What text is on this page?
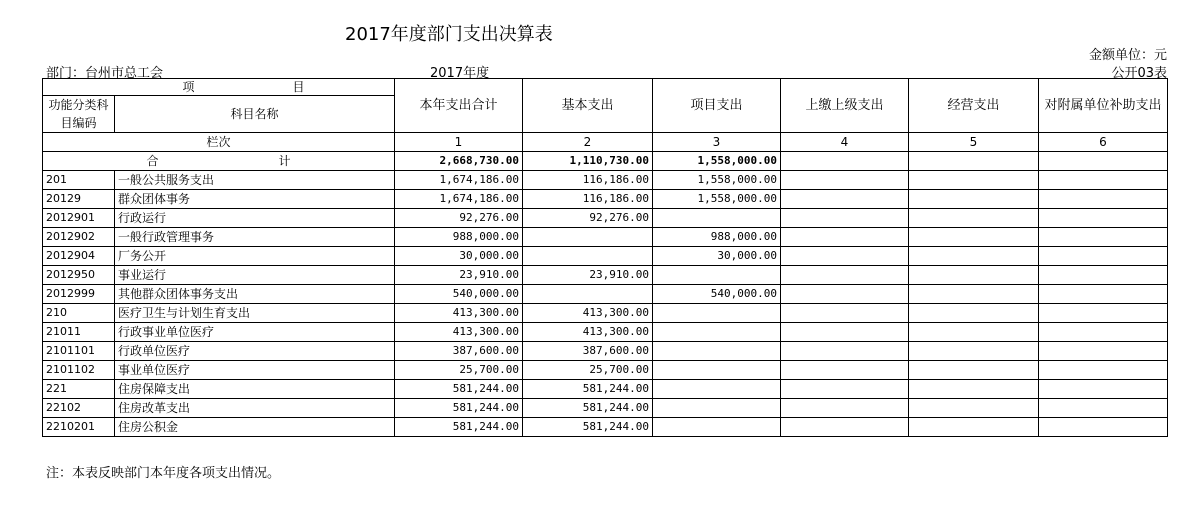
2017年度部门支出决算表
金额单位：元
部门：台州市总工会	2017年度	公开03表
项 目		本年支出合计	基本支出	项目支出	上缴上级支出	经营支出	对附属单位补助支出
功能分类科目编码	科目名称						
栏次		1	2	3	4	5	6
合 计		2,668,730.00	1,110,730.00	1,558,000.00			
201	一般公共服务支出	1,674,186.00	116,186.00	1,558,000.00			
20129	群众团体事务	1,674,186.00	116,186.00	1,558,000.00			
2012901	行政运行	92,276.00	92,276.00				
2012902	一般行政管理事务	988,000.00		988,000.00			
2012904	厂务公开	30,000.00		30,000.00			
2012950	事业运行	23,910.00	23,910.00				
2012999	其他群众团体事务支出	540,000.00		540,000.00			
210	医疗卫生与计划生育支出	413,300.00	413,300.00				
21011	行政事业单位医疗	413,300.00	413,300.00				
2101101	行政单位医疗	387,600.00	387,600.00				
2101102	事业单位医疗	25,700.00	25,700.00				
221	住房保障支出	581,244.00	581,244.00				
22102	住房改革支出	581,244.00	581,244.00				
2210201	住房公积金	581,244.00	581,244.00				
注：本表反映部门本年度各项支出情况。
